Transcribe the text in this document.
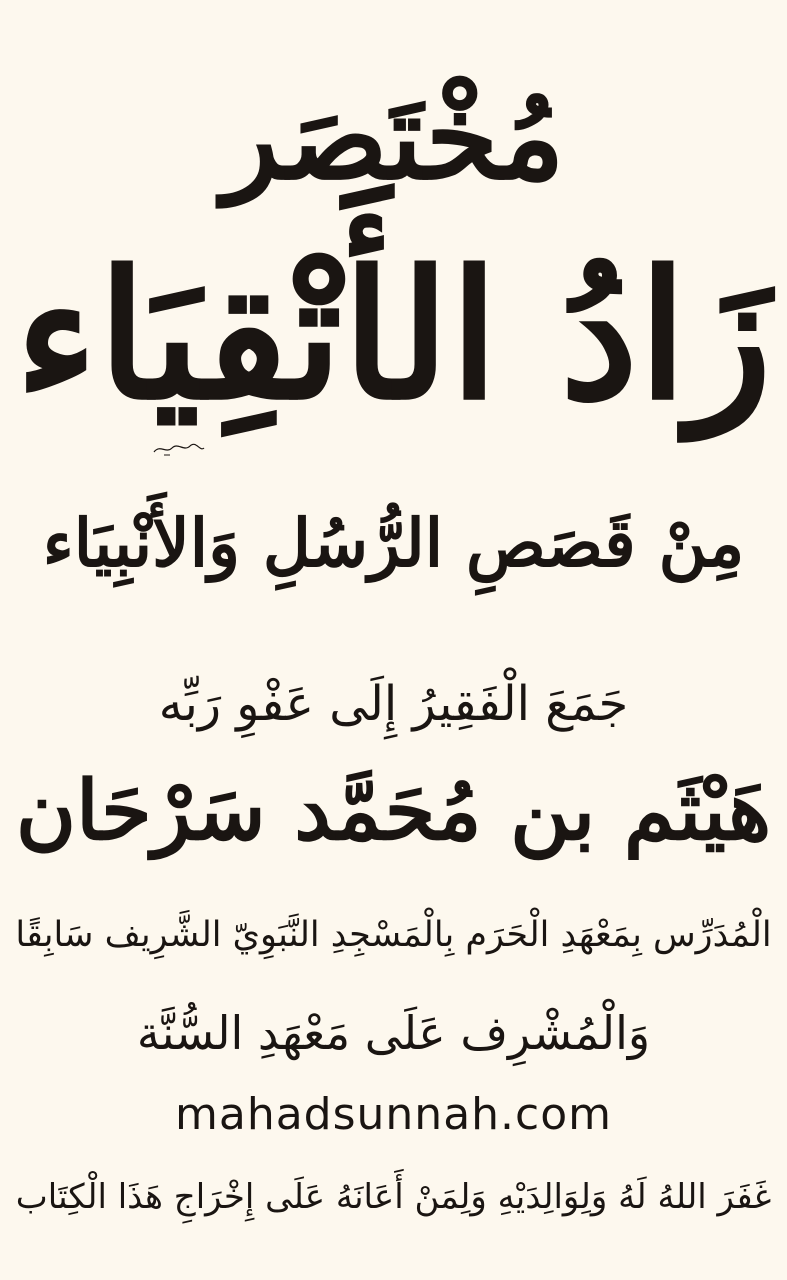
مُخْتَصَر
زَادُ الأَتْقِيَاء
مِنْ قَصَصِ الرُّسُلِ وَالأَنْبِيَاء
جَمَعَ الْفَقِيرُ إِلَى عَفْوِ رَبِّه
هَيْثَم بن مُحَمَّد سَرْحَان
الْمُدَرِّس بِمَعْهَدِ الْحَرَم بِالْمَسْجِدِ النَّبَوِيّ الشَّرِيف سَابِقًا
وَالْمُشْرِف عَلَى مَعْهَدِ السُّنَّة
mahadsunnah.com
غَفَرَ اللهُ لَهُ وَلِوَالِدَيْهِ وَلِمَنْ أَعَانَهُ عَلَى إِخْرَاجِ هَذَا الْكِتَاب
